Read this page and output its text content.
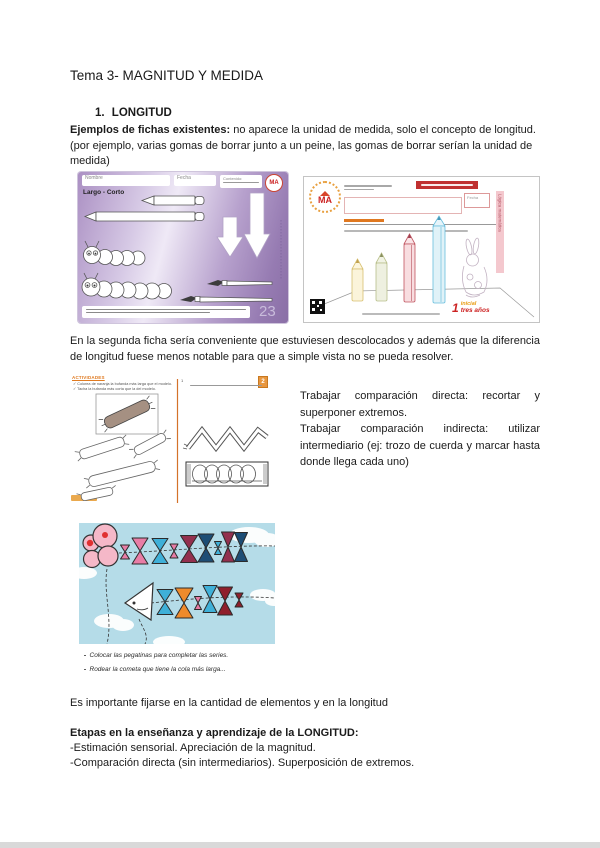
Tema 3- MAGNITUD Y MEDIDA
1. LONGITUD
Ejemplos de fichas existentes: no aparece la unidad de medida, solo el concepto de longitud.(por ejemplo, varias gomas de borrar junto a un peine, las gomas de borrar serían la unidad de medida)
Nombre	Fecha	Contenido:
MA
Largo - Corto
23
MA	Fecha	Lógica matemática
1 inicial
tres años
En la segunda ficha sería conveniente que estuviesen descolocados y además que la diferencia de longitud fuese menos notable para que a simple vista no se pueda resolver.
ACTIVIDADES
✓ Colorea de naranja la bufanda más larga que el modelo.
✓ Tacha la bufanda más corta que la del modelo.
2
1
Trabajar comparación directa: recortar y superponer extremos.
Trabajar comparación indirecta: utilizar intermediario (ej: trozo de cuerda y marcar hasta donde llega cada uno)
Colocar las pegatinas para completar las series.
Rodear la cometa que tiene la cola más larga...
Es importante fijarse en la cantidad de elementos y en la longitud
Etapas en la enseñanza y aprendizaje de la LONGITUD:
-Estimación sensorial. Apreciación de la magnitud.
-Comparación directa (sin intermediarios). Superposición de extremos.
